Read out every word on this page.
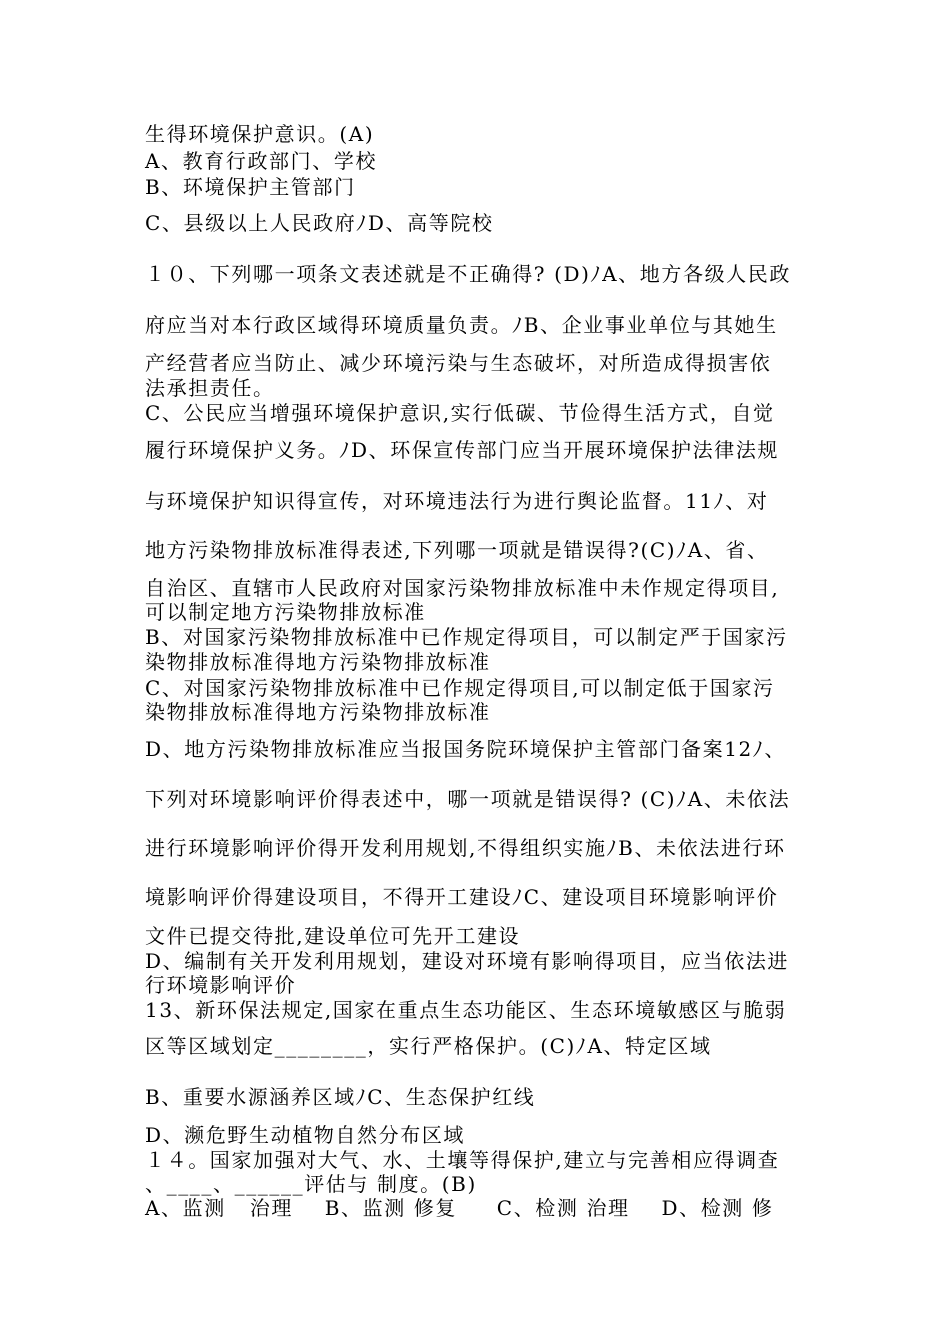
生得环境保护意识。(A)
A、教育行政部门、学校
B、环境保护主管部门
C、县级以上人民政府ﾉD、高等院校
１０、下列哪一项条文表述就是不正确得? (D)ﾉA、地方各级人民政
府应当对本行政区域得环境质量负责。ﾉB、企业事业单位与其她生
产经营者应当防止、减少环境污染与生态破坏，对所造成得损害依
法承担责任。
C、公民应当增强环境保护意识,实行低碳、节俭得生活方式，自觉
履行环境保护义务。ﾉD、环保宣传部门应当开展环境保护法律法规
与环境保护知识得宣传，对环境违法行为进行舆论监督。11ﾉ、对
地方污染物排放标准得表述,下列哪一项就是错误得?(C)ﾉA、省、
自治区、直辖市人民政府对国家污染物排放标准中未作规定得项目,
可以制定地方污染物排放标准
B、对国家污染物排放标准中已作规定得项目，可以制定严于国家污
染物排放标准得地方污染物排放标准
C、对国家污染物排放标准中已作规定得项目,可以制定低于国家污
染物排放标准得地方污染物排放标准
D、地方污染物排放标准应当报国务院环境保护主管部门备案12ﾉ、
下列对环境影响评价得表述中，哪一项就是错误得? (C)ﾉA、未依法
进行环境影响评价得开发利用规划,不得组织实施ﾉB、未依法进行环
境影响评价得建设项目，不得开工建设ﾉC、建设项目环境影响评价
文件已提交待批,建设单位可先开工建设
D、编制有关开发利用规划，建设对环境有影响得项目，应当依法进
行环境影响评价
13、新环保法规定,国家在重点生态功能区、生态环境敏感区与脆弱
区等区域划定________，实行严格保护。(C)ﾉA、特定区域
B、重要水源涵养区域ﾉC、生态保护红线
D、濒危野生动植物自然分布区域
１４。国家加强对大气、水、土壤等得保护,建立与完善相应得调查
、____、______评估与 制度。(B)
A、监测   治理    B、监测 修复     C、检测 治理    D、检测 修
